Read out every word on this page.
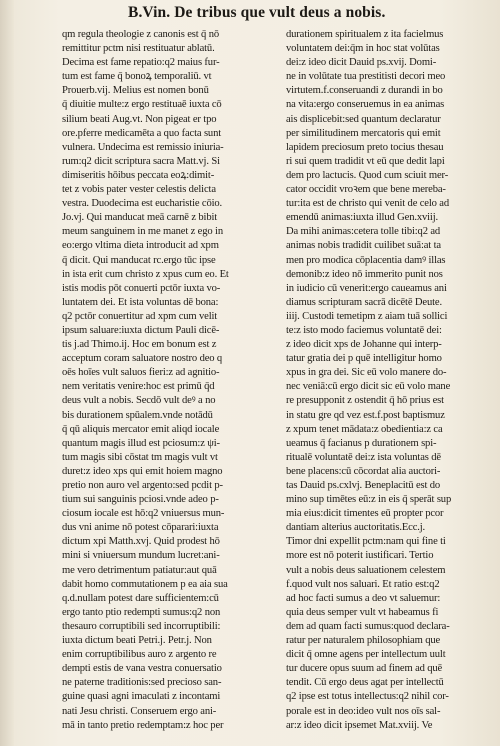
B.Vin. De tribus que vult deus a nobis.
qm regula theologie z canonis est q̄ nō
remittitur pctm nisi restituatur ablatū.
Decima est fame repatio:q2 maius fur-
tum est fame q̄ bonoꝝ temporaliū. vt
Prouerb.vij. Melius est nomen bonū
q̄ diuitie multe:z ergo restituaē iuxta cō
silium beati Aug.vt. Non pigeat er tpo
ore.pferre medicamēta a quo facta sunt
vulnera. Undecima est remissio iniuria-
rum:q2 dicit scriptura sacra Matt.vj. Si
dimiseritis hōibus peccata eoꝝ:dimit-
tet z vobis pater vester celestis delicta
vestra. Duodecima est eucharistie cōio.
Jo.vj. Qui manducat meā carnē z bibit
meum sanguinem in me manet z ego in
eo:ergo vltima dieta introducit ad xpm
q̄ dicit. Qui manducat rc.ergo tūc ipse
in ista erit cum christo z xpus cum eo. Et
istis modis pōt conuerti pctōr iuxta vo-
luntatem dei. Et ista voluntas dē bona:
q2 pctōr conuertitur ad xpm cum velit
ipsum saluare:iuxta dictum Pauli dicē-
tis j.ad Thimo.ij. Hoc em bonum est z
acceptum coram saluatore nostro deo q
oēs hoīes vult saluos fieri:z ad agnitio-
nem veritatis venire:hoc est primū q̄d
deus vult a nobis. Secdō vult deꝰ a no
bis durationem spūalem.vnde notādū
q̄ qū aliquis mercator emit aliqd iocale
quantum magis illud est pciosum:z ψi-
tum magis sibi cōstat tm magis vult vt
duret:z ideo xps qui emit hoiem magno
pretio non auro vel argento:sed pcdit p-
tium sui sanguinis pciosi.vnde adeo p-
ciosum iocale est hō:q2 vniuersus mun-
dus vni anime nō potest cōparari:iuxta
dictum xpi Matth.xvj. Quid prodest hō
mini si vniuersum mundum lucret:ani-
me vero detrimentum patiatur:aut quā
dabit homo commutationem p ea aia sua
q.d.nullam potest dare sufficientem:cū
ergo tanto ptio redempti sumus:q2 non
thesauro corruptibili sed incorruptibili:
iuxta dictum beati Petri.j. Petr.j. Non
enim corruptibilibus auro z argento re
dempti estis de vana vestra conuersatio
ne paterne traditionis:sed precioso san-
guine quasi agni imaculati z incontami
nati Jesu christi. Conseruem ergo ani-
mā in tanto pretio redemptam:z hoc per
durationem spiritualem z ita facielmus
voluntatem dei:q̄m in hoc stat volūtas
dei:z ideo dicit Dauid ps.xvij. Domi-
ne in volūtate tua prestitisti decori meo
virtutem.f.conseruandi z durandi in bo
na vita:ergo conseruemus in ea animas
ais displicebit:sed quantum declaratur
per similitudinem mercatoris qui emit
lapidem preciosum preto tocius thesau
ri sui quem tradidit vt eū que dedit lapi
dem pro lactucis. Quod cum sciuit mer-
cator occidit vroꝛem que bene mereba-
tur:ita est de christo qui venit de celo ad
emendū animas:iuxta illud Gen.xviij.
Da mihi animas:cetera tolle tibi:q2 ad
animas nobis tradidit cuilibet suā:at ta
men pro modica cōplacentia damꝰ illas
demonib:z ideo nō immerito punit nos
in iudicio cū venerit:ergo caueamus ani
diamus scripturam sacrā dicētē Deute.
iiij. Custodi temetipm z aiam tuā sollici
te:z isto modo faciemus voluntatē dei:
z ideo dicit xps de Johanne qui interp-
tatur gratia dei p quē intelligitur homo
xpus in gra dei. Sic eū volo manere do-
nec veniā:cū ergo dicit sic eū volo mane
re presupponit z ostendit q̄ hō prius est
in statu gre qd vez est.f.post baptismuz
z xpum tenet mādata:z obedientia:z ca
ueamus q̄ facianus p durationem spi-
ritualē voluntatē dei:z ista voluntas dē
bene placens:cū cōcordat alia auctori-
tas Dauid ps.cxlvj. Beneplacitū est do
mino sup timētes eū:z in eis q̄ sperāt sup
mia eius:dicit timentes eū propter pcor
dantiam alterius auctoritatis.Ecc.j.
Timor dni expellit pctm:nam qui fine ti
more est nō poterit iustificari. Tertio
vult a nobis deus saluationem celestem
f.quod vult nos saluari. Et ratio est:q2
ad hoc facti sumus a deo vt saluemur:
quia deus semper vult vt habeamus fi
dem ad quam facti sumus:quod declara-
ratur per naturalem philosophiam que
dicit q̄ omne agens per intellectum uult
tur ducere opus suum ad finem ad quē
tendit. Cū ergo deus agat per intellectū
q2 ipse est totus intellectus:q2 nihil cor-
porale est in deo:ideo vult nos oīs sal-
ar:z ideo dicit ipsemet Mat.xviij. Ve
